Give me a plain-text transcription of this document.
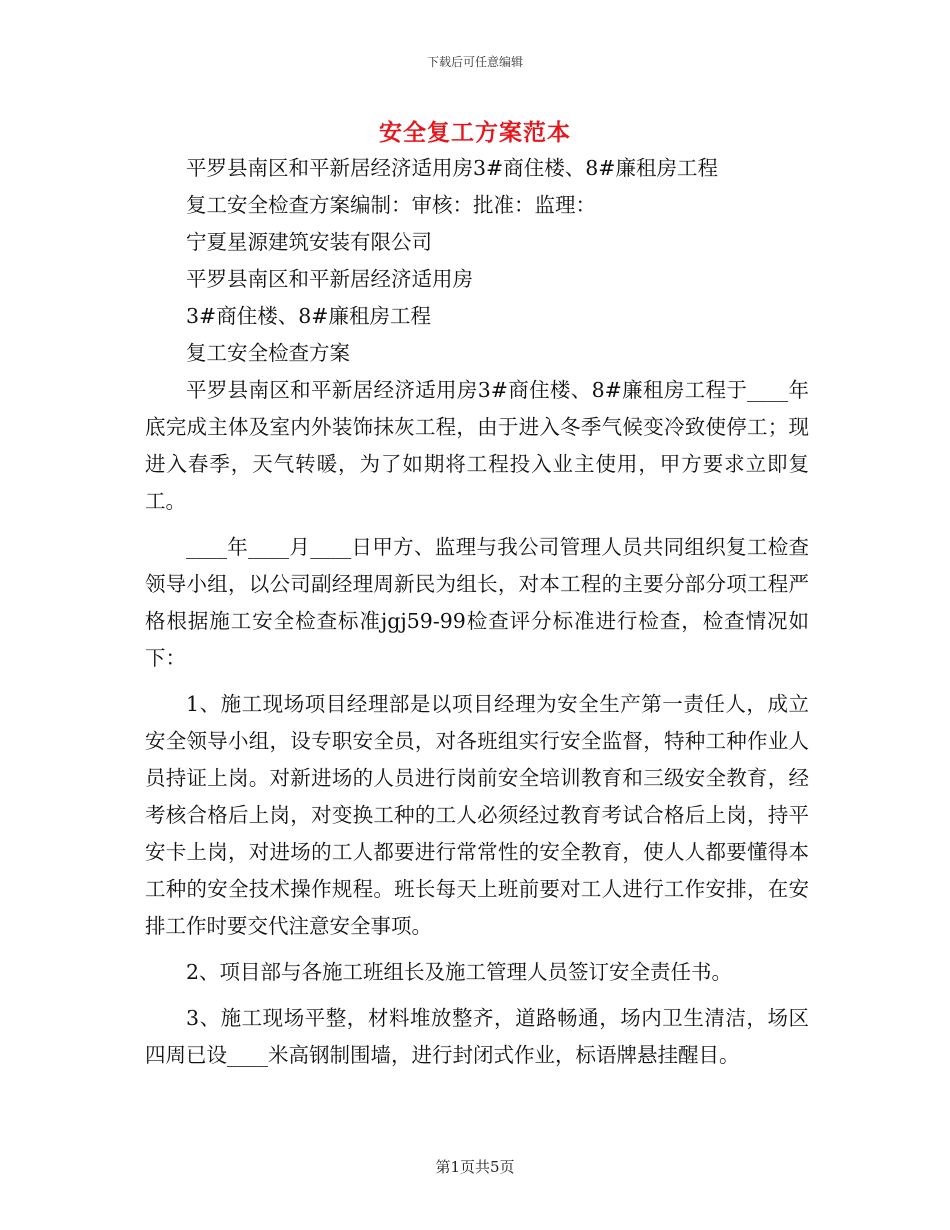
下载后可任意编辑
安全复工方案范本

平罗县南区和平新居经济适用房3#商住楼、8#廉租房工程

复工安全检查方案编制：审核：批准：监理：

宁夏星源建筑安装有限公司

平罗县南区和平新居经济适用房

3#商住楼、8#廉租房工程

复工安全检查方案

平罗县南区和平新居经济适用房3#商住楼、8#廉租房工程于____年底完成主体及室内外装饰抹灰工程，由于进入冬季气候变冷致使停工；现进入春季，天气转暖，为了如期将工程投入业主使用，甲方要求立即复工。

____年____月____日甲方、监理与我公司管理人员共同组织复工检查领导小组，以公司副经理周新民为组长，对本工程的主要分部分项工程严格根据施工安全检查标准jgj59-99检查评分标准进行检查，检查情况如下：

1、施工现场项目经理部是以项目经理为安全生产第一责任人，成立安全领导小组，设专职安全员，对各班组实行安全监督，特种工种作业人员持证上岗。对新进场的人员进行岗前安全培训教育和三级安全教育，经考核合格后上岗，对变换工种的工人必须经过教育考试合格后上岗，持平安卡上岗，对进场的工人都要进行常常性的安全教育，使人人都要懂得本工种的安全技术操作规程。班长每天上班前要对工人进行工作安排，在安排工作时要交代注意安全事项。

2、项目部与各施工班组长及施工管理人员签订安全责任书。

3、施工现场平整，材料堆放整齐，道路畅通，场内卫生清洁，场区四周已设____米高钢制围墙，进行封闭式作业，标语牌悬挂醒目。

第1页共5页
